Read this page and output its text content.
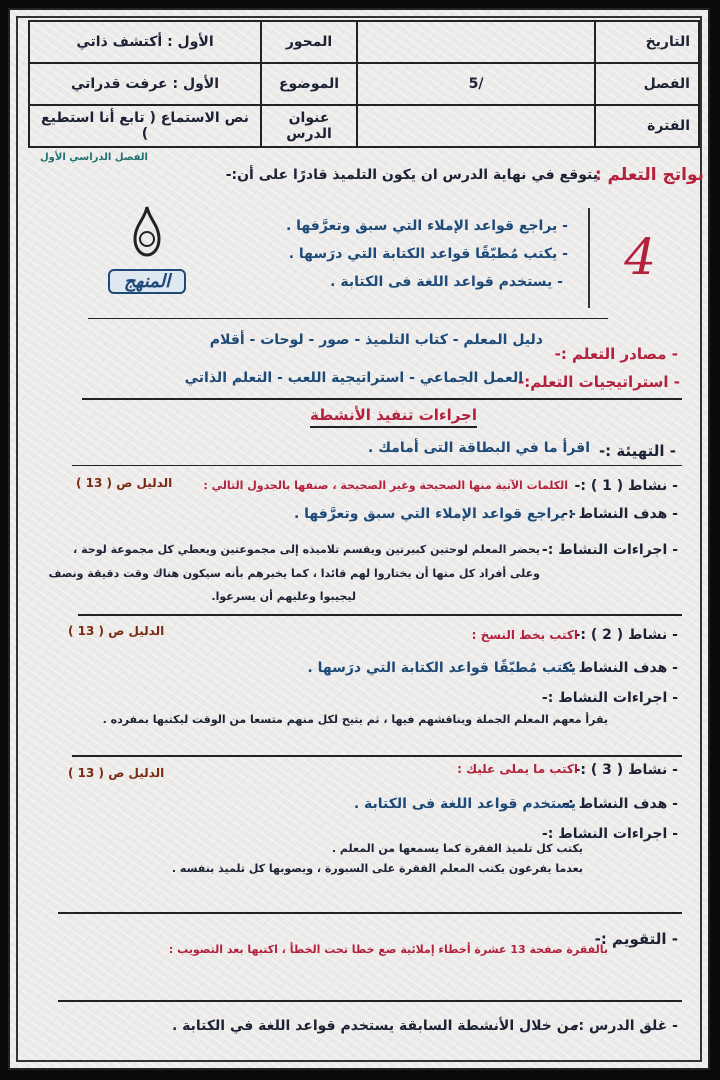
التاريخ		المحور	الأول : أكتشف ذاتي
الفصل	/5	الموضوع	الأول : عرفت قدراتي
الفترة		عنوان الدرس	نص الاستماع ( تابع أنا استطيع )
الفصل الدراسي الأول
نواتج التعلم :
يتوقع في نهاية الدرس ان يكون التلميذ قادرًا على أن:-
4
- يراجع قواعد الإملاء التي سبق وتعرَّفها .
- يكتب مُطبّقًا قواعد الكتابة التي درَسها .
- يستخدم قواعد اللغة فى الكتابة .
المنهج
- مصادر التعلم :-
دليل المعلم - كتاب التلميذ - صور - لوحات - أقلام
- استراتيجيات التعلم:-
العمل الجماعي - استراتيجية اللعب - التعلم الذاتي
اجراءات تنفيذ الأنشطة
- التهيئة :-
اقرأ ما في البطاقة التى أمامك .
- نشاط ( 1 ) :-
الكلمات الآتية منها الصحيحة وغير الصحيحة ، صنفها بالجدول التالي :
الدليل ص ( 13 )
- هدف النشاط :-
- يراجع قواعد الإملاء التي سبق وتعرَّفها .
- اجراءات النشاط :-
يحضر المعلم لوحتين كبيرتين ويقسم تلاميذه إلى مجموعتين ويعطي كل مجموعة لوحة ،
وعلى أفراد كل منها أن يختاروا لهم قائدا ، كما يخبرهم بأنه سيكون هناك وقت دقيقة ونصف
ليجيبوا وعليهم أن يسرعوا.
- نشاط ( 2 ) :-
اكتب بخط النسخ :
الدليل ص ( 13 )
- هدف النشاط :-
يكتب مُطبّقًا قواعد الكتابة التي درَسها .
- اجراءات النشاط :-
يقرأ معهم المعلم الجملة ويناقشهم فيها ، ثم يتيح لكل منهم متسعا من الوقت ليكتبها بمفرده .
- نشاط ( 3 ) :-
اكتب ما يملى عليك :
الدليل ص ( 13 )
- هدف النشاط :-
يستخدم قواعد اللغة فى الكتابة .
- اجراءات النشاط :-
يكتب كل تلميذ الفقرة كما يسمعها من المعلم .
بعدما يفرغون يكتب المعلم الفقرة على السبورة ، ويصوبها كل تلميذ بنفسه .
- التقويم :-
بالفقرة صفحة 13 عشرة أخطاء إملائية ضع خطا تحت الخطأ ، اكتبها بعد التصويب :
- غلق الدرس :-
من خلال الأنشطة السابقة يستخدم قواعد اللغة في الكتابة .
